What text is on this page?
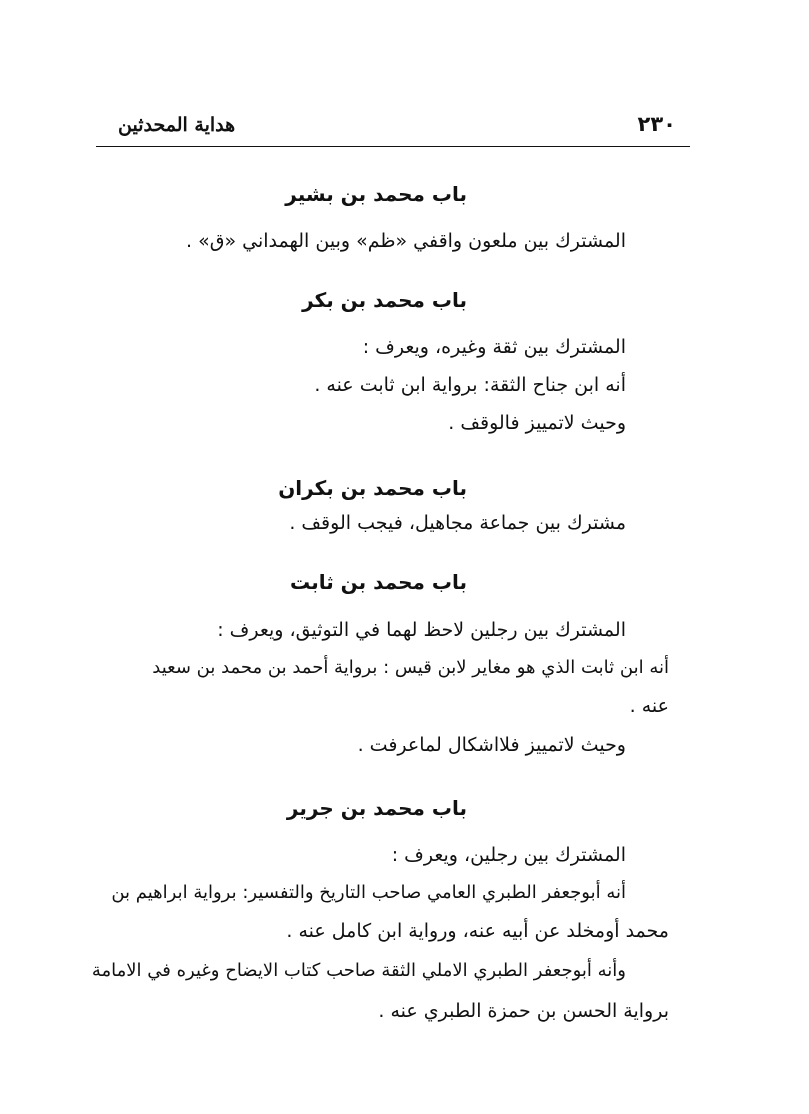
٢٣٠
هداية المحدثين
باب محمد بن بشير
المشترك بين ملعون واقفي «ظم» وبين الهمداني «ق» .
باب محمد بن بكر
المشترك بين ثقة وغيره، ويعرف :
أنه ابن جناح الثقة: برواية ابن ثابت عنه .
وحيث لاتمييز فالوقف .
باب محمد بن بكران
مشترك بين جماعة مجاهيل، فيجب الوقف .
باب محمد بن ثابت
المشترك بين رجلين لاحظ لهما في التوثيق، ويعرف :
أنه ابن ثابت الذي هو مغاير لابن قيس : برواية أحمد بن محمد بن سعيد
عنه .
وحيث لاتمييز فلااشكال لماعرفت .
باب محمد بن جرير
المشترك بين رجلين، ويعرف :
أنه أبوجعفر الطبري العامي صاحب التاريخ والتفسير: برواية ابراهيم بن
محمد أومخلد عن أبيه عنه، ورواية ابن كامل عنه .
وأنه أبوجعفر الطبري الاملي الثقة صاحب كتاب الايضاح وغيره في الامامة
برواية الحسن بن حمزة الطبري عنه .
